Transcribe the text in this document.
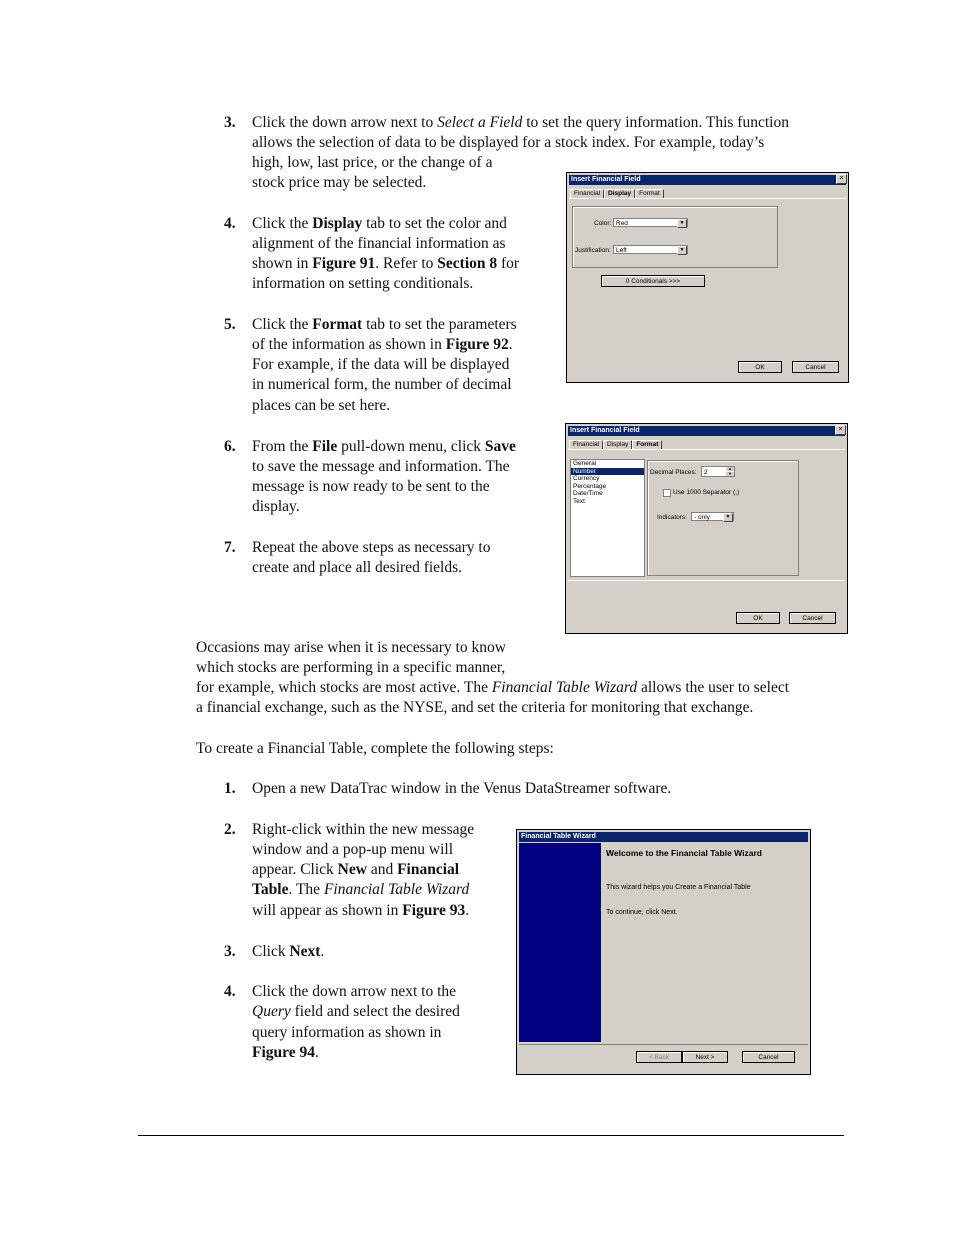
3. Click the down arrow next to Select a Field to set the query information. This function
allows the selection of data to be displayed for a stock index. For example, today’s
high, low, last price, or the change of a
stock price may be selected.
4. Click the Display tab to set the color and
alignment of the financial information as
shown in Figure 91. Refer to Section 8 for
information on setting conditionals.
5. Click the Format tab to set the parameters
of the information as shown in Figure 92.
For example, if the data will be displayed
in numerical form, the number of decimal
places can be set here.
6. From the File pull-down menu, click Save
to save the message and information. The
message is now ready to be sent to the
display.
7. Repeat the above steps as necessary to
create and place all desired fields.
Insert Financial Field	×
Financial	Display	Format
Color: Red	▼
Justification: Left	▼
0 Conditionals >>>
OK	Cancel
Insert Financial Field	×
Financial	Display	Format
General
Number
Currency
Percentage
Date/Time
Text
Decimal Places:	2
▲
▼
Use 1000 Separator (,)
Indicators:	- only	▼
OK	Cancel
Occasions may arise when it is necessary to know
which stocks are performing in a specific manner,
for example, which stocks are most active. The Financial Table Wizard allows the user to select
a financial exchange, such as the NYSE, and set the criteria for monitoring that exchange.
To create a Financial Table, complete the following steps:
1. Open a new DataTrac window in the Venus DataStreamer software.
2. Right-click within the new message
window and a pop-up menu will
appear. Click New and Financial
Table. The Financial Table Wizard
will appear as shown in Figure 93.
3. Click Next.
4. Click the down arrow next to the
Query field and select the desired
query information as shown in
Figure 94.
Financial Table Wizard
Welcome to the Financial Table Wizard
This wizard helps you Create a Financial Table
To continue, click Next.
< Back	Next >	Cancel
